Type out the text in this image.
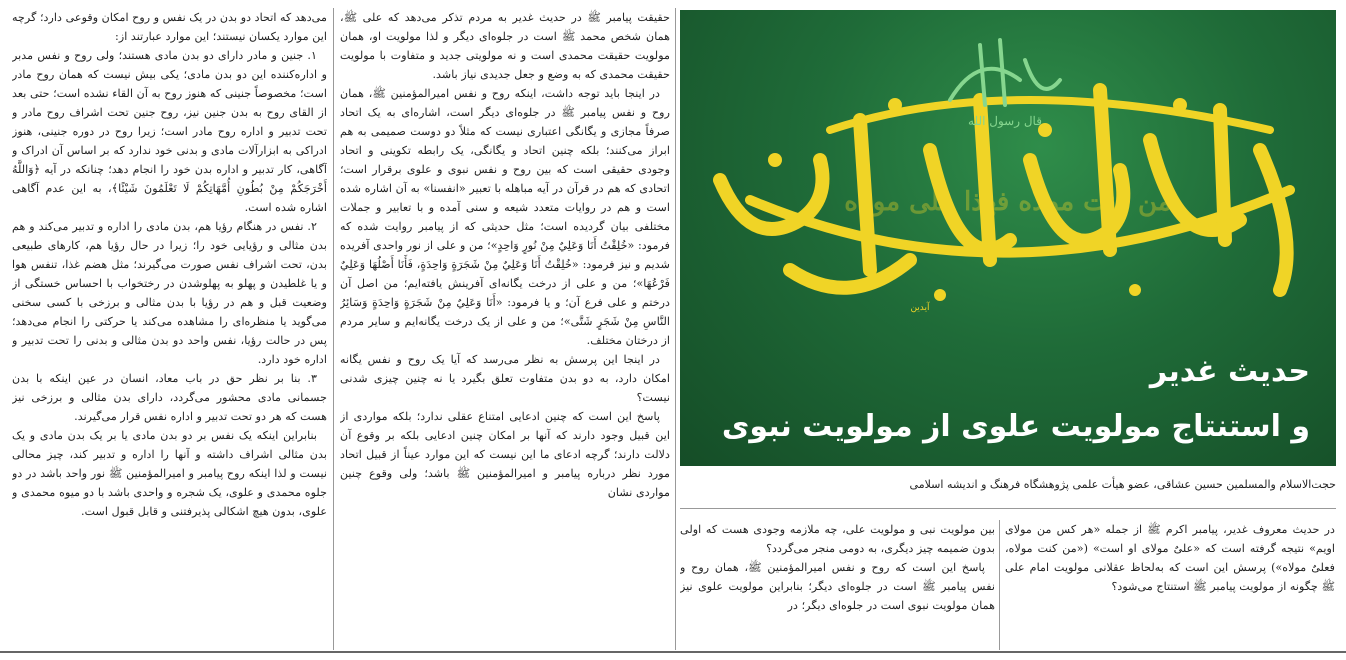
می‌دهد که اتحاد دو بدن در یک نفس و روح امکان وقوعی دارد؛ گرچه این موارد یکسان نیستند؛ این موارد عبارتند از:

۱. جنین و مادر دارای دو بدن مادی هستند؛ ولی روح و نفس مدبر و اداره‌کننده این دو بدن مادی؛ یکی بیش نیست که همان روح مادر است؛ مخصوصاً جنینی که هنوز روح به آن القاء نشده است؛ حتی بعد از القای روح به بدن جنین نیز، روح جنین تحت اشراف روح مادر و تحت تدبیر و اداره روح مادر است؛ زیرا روح در دوره جنینی، هنوز ادراکی به ابزارآلات مادی و بدنی خود ندارد که بر اساس آن ادراک و آگاهی، کار تدبیر و اداره بدن خود را انجام دهد؛ چنانکه در آیه ﴿وَاللَّهُ أَخْرَجَكُمْ مِنْ بُطُونِ أُمَّهَاتِكُمْ لَا تَعْلَمُونَ شَيْئًا﴾، به این عدم آگاهی اشاره شده است.

۲. نفس در هنگام رؤیا هم، بدن مادی را اداره و تدبیر می‌کند و هم بدن مثالی و رؤیایی خود را؛ زیرا در حال رؤیا هم، کارهای طبیعی بدن، تحت اشراف نفس صورت می‌گیرند؛ مثل هضم غذا، تنفس هوا و یا غلطیدن و پهلو به پهلوشدن در رختخواب با احساس خستگی از وضعیت قبل و هم در رؤیا با بدن مثالی و برزخی با کسی سخنی می‌گوید یا منظره‌ای را مشاهده می‌کند یا حرکتی را انجام می‌دهد؛ پس در حالت رؤیا، نفس واحد دو بدن مثالی و بدنی را تحت تدبیر و اداره خود دارد.

۳. بنا بر نظر حق در باب معاد، انسان در عین اینکه با بدن جسمانی مادی محشور می‌گردد، دارای بدن مثالی و برزخی نیز هست که هر دو تحت تدبیر و اداره نفس قرار می‌گیرند.

بنابراین اینکه یک نفس بر دو بدن مادی یا بر یک بدن مادی و یک بدن مثالی اشراف داشته و آنها را اداره و تدبیر کند، چیز محالی نیست و لذا اینکه روح پیامبر و امیرالمؤمنین ﷺ نور واحد باشد در دو جلوه محمدی و علوی، یک شجره و واحدی باشد با دو میوه محمدی و علوی، بدون هیچ اشکالی پذیرفتنی و قابل قبول است.

حقیقت پیامبر ﷺ در حدیث غدیر به مردم تذکر می‌دهد که علی ﷺ، همان شخص محمد ﷺ است در جلوه‌ای دیگر و لذا مولویت او، همان مولویت حقیقت محمدی است و نه مولویتی جدید و متفاوت با مولویت حقیقت محمدی که به وضع و جعل جدیدی نیاز باشد.

در اینجا باید توجه داشت، اینکه روح و نفس امیرالمؤمنین ﷺ، همان روح و نفس پیامبر ﷺ در جلوه‌ای دیگر است، اشاره‌ای به یک اتحاد صرفاً مجازی و یگانگی اعتباری نیست که مثلاً دو دوست صمیمی به هم ابراز می‌کنند؛ بلکه چنین اتحاد و یگانگی، یک رابطه تکوینی و اتحاد وجودی حقیقی است که بین روح و نفس نبوی و علوی برقرار است؛ اتحادی که هم در قرآن در آیه مباهله با تعبیر «انفسنا» به آن اشاره شده است و هم در روایات متعدد شیعه و سنی آمده و با تعابیر و جملات مختلفی بیان گردیده است؛ مثل حدیثی که از پیامبر روایت شده که فرمود: «خُلِقْتُ أَنَا وَعَلِيٌ مِنْ نُورٍ وَاحِدٍ»؛ من و علی از نور واحدی آفریده شدیم و نیز فرمود: «خُلِقْتُ أَنَا وَعَلِيٌ مِنْ شَجَرَةٍ وَاحِدَةٍ، فَأَنَا أَصْلُهَا وَعَلِيٌ فَرْعُهَا»؛ من و علی از درخت یگانه‌ای آفرینش یافته‌ایم؛ من اصل آن درختم و علی فرع آن؛ و یا فرمود: «أَنَا وَعَلِيٌ مِنْ شَجَرَةٍ وَاحِدَةٍ وَسَائِرُ النَّاسِ مِنْ شَجَرٍ شَتَّى»؛ من و علی از یک درخت یگانه‌ایم و سایر مردم از درختان مختلف.

در اینجا این پرسش به نظر می‌رسد که آیا یک روح و نفس یگانه امکان دارد، به دو بدن متفاوت تعلق بگیرد یا نه چنین چیزی شدنی نیست؟

پاسخ این است که چنین ادعایی امتناع عقلی ندارد؛ بلکه مواردی از این قبیل وجود دارند که آنها بر امکان چنین ادعایی بلکه بر وقوع آن دلالت دارند؛ گرچه ادعای ما این نیست که این موارد عیناً از قبیل اتحاد مورد نظر درباره پیامبر و امیرالمؤمنین ﷺ باشد؛ ولی وقوع چنین مواردی نشان

قال رسول الله
من کنت مولاه فهذا علی مولاه
آیدین
حدیث غدیر
و استنتاج مولویت علوی از مولویت نبوی
حجت‌الاسلام والمسلمین حسین عشاقی، عضو هیأت علمی پژوهشگاه فرهنگ و اندیشه اسلامی

بین مولویت نبی و مولویت علی، چه ملازمه وجودی هست که اولی بدون ضمیمه چیز دیگری، به دومی منجر می‌گردد؟

پاسخ این است که روح و نفس امیرالمؤمنین ﷺ، همان روح و نفس پیامبر ﷺ است در جلوه‌ای دیگر؛ بنابراین مولویت علوی نیز همان مولویت نبوی است در جلوه‌ای دیگر؛ در

در حدیث معروف غدیر، پیامبر اکرم ﷺ از جمله «هر کس من مولای اویم» نتیجه گرفته است که «علیٌ مولای او است» («من کنت مولاه، فعلیٌ مولاه») پرسش این است که به‌لحاظ عقلانی مولویت امام علی ﷺ چگونه از مولویت پیامبر ﷺ استنتاج می‌شود؟
